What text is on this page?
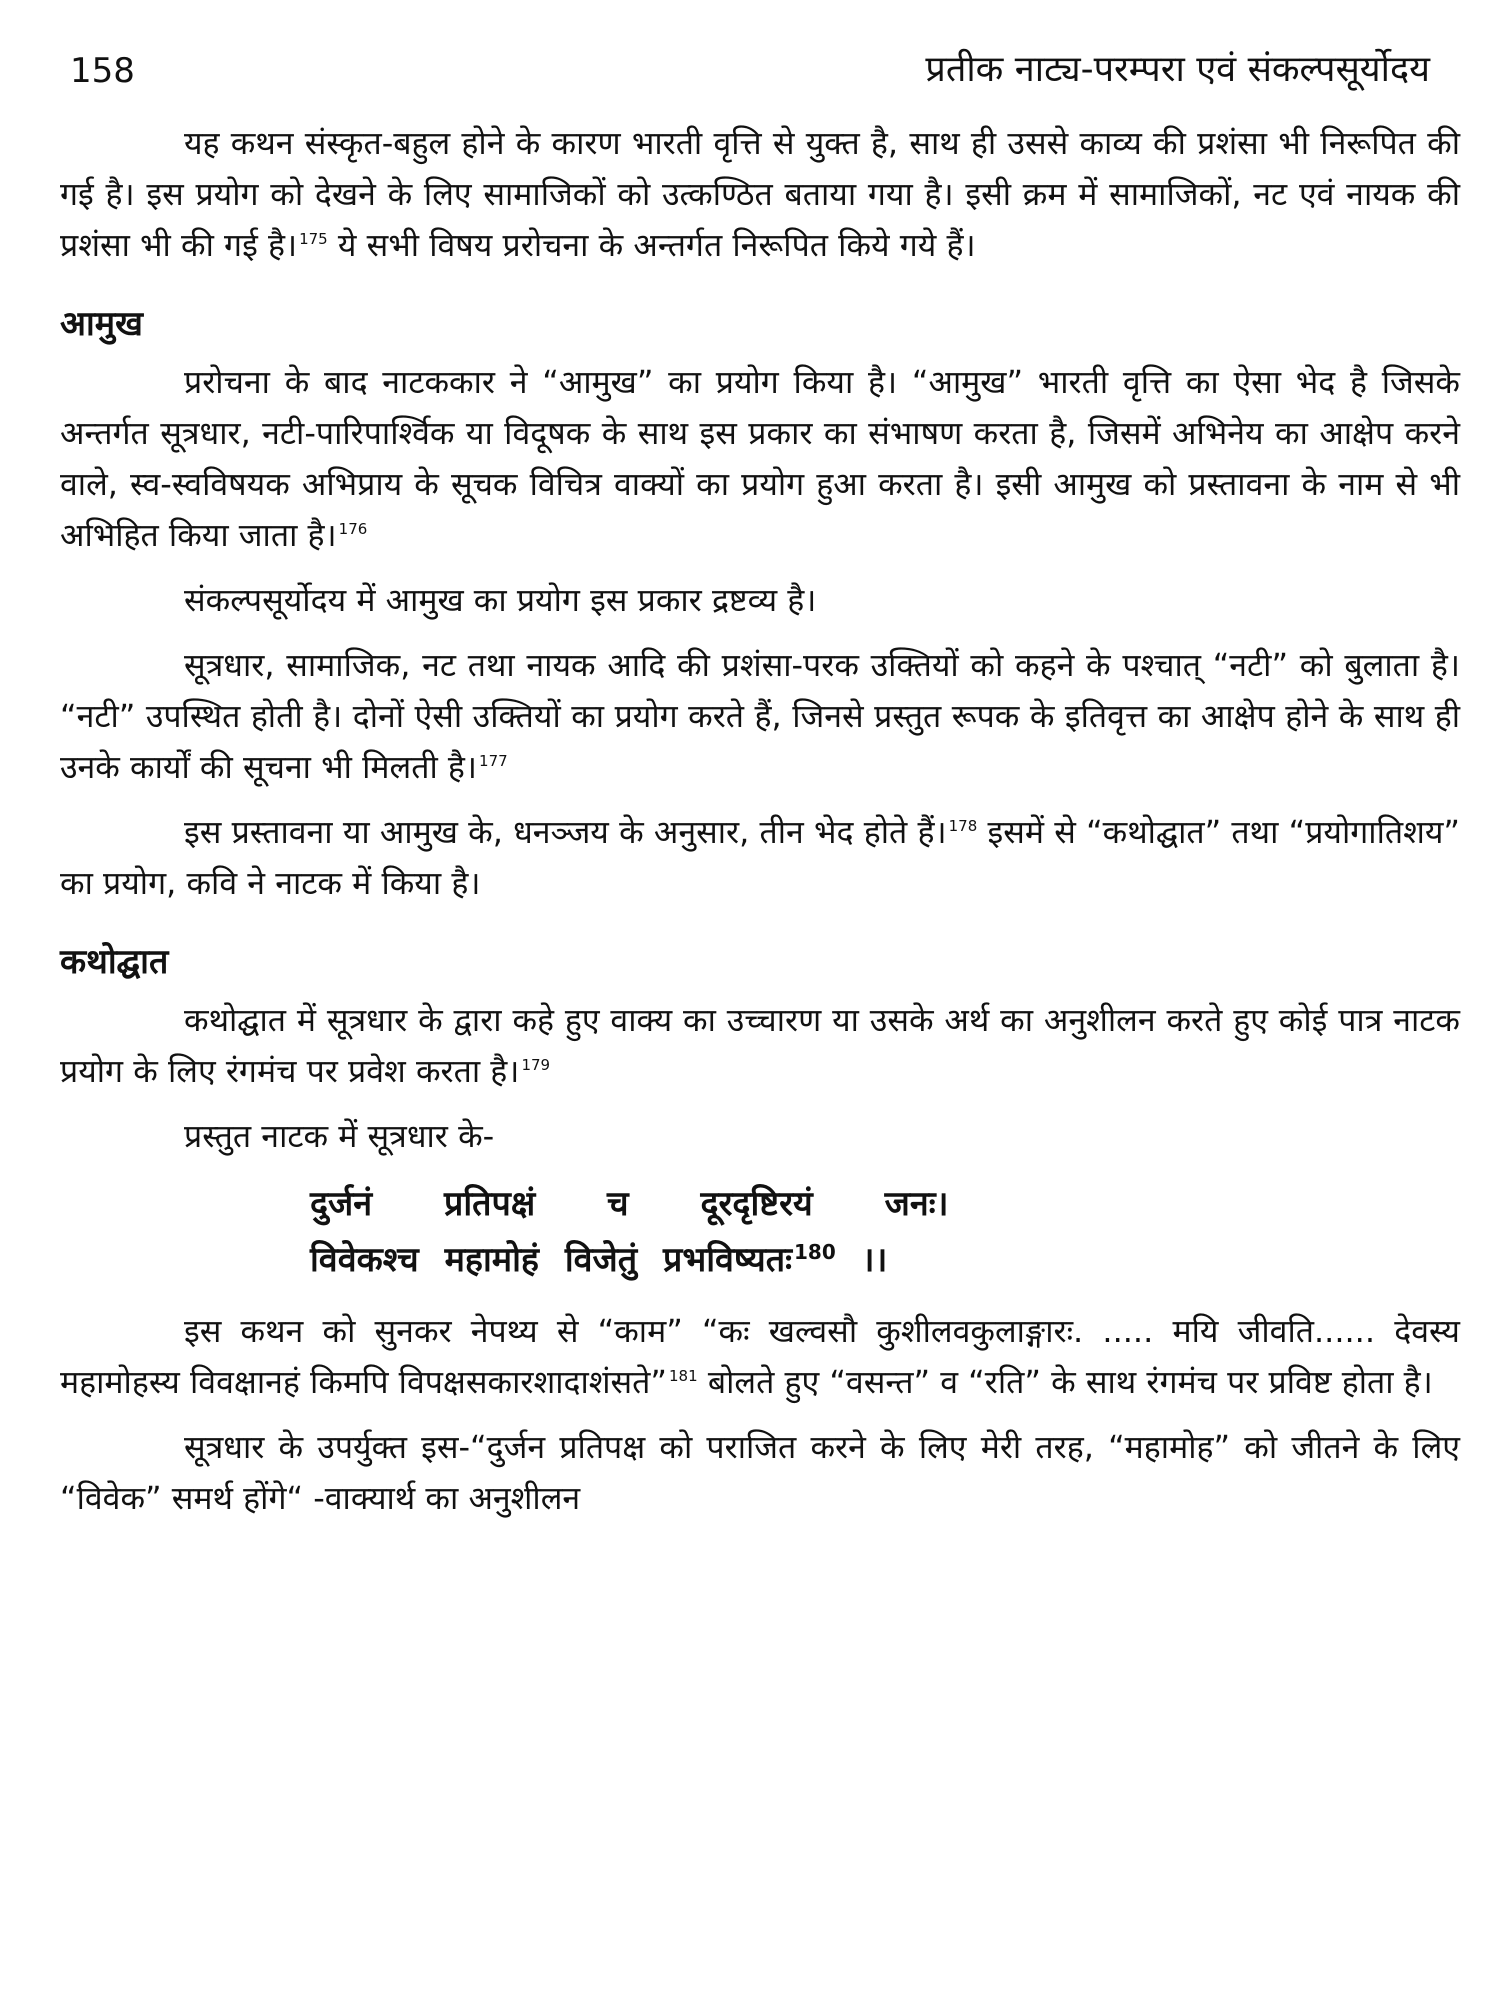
158	प्रतीक नाट्य-परम्परा एवं संकल्पसूर्योदय

यह कथन संस्कृत-बहुल होने के कारण भारती वृत्ति से युक्त है, साथ ही उससे काव्य की प्रशंसा भी निरूपित की गई है। इस प्रयोग को देखने के लिए सामाजिकों को उत्कण्ठित बताया गया है। इसी क्रम में सामाजिकों, नट एवं नायक की प्रशंसा भी की गई है। $^{175}$ ये सभी विषय प्ररोचना के अन्तर्गत निरूपित किये गये हैं।

आमुख

प्ररोचना के बाद नाटककार ने “आमुख” का प्रयोग किया है। “आमुख” भारती वृत्ति का ऐसा भेद है जिसके अन्तर्गत सूत्रधार, नटी-पारिपार्श्विक या विदूषक के साथ इस प्रकार का संभाषण करता है, जिसमें अभिनेय का आक्षेप करने वाले, स्व-स्वविषयक अभिप्राय के सूचक विचित्र वाक्यों का प्रयोग हुआ करता है। इसी आमुख को प्रस्तावना के नाम से भी अभिहित किया जाता है। $^{176}$

संकल्पसूर्योदय में आमुख का प्रयोग इस प्रकार द्रष्टव्य है।

सूत्रधार, सामाजिक, नट तथा नायक आदि की प्रशंसा-परक उक्तियों को कहने के पश्चात् “नटी” को बुलाता है। “नटी” उपस्थित होती है। दोनों ऐसी उक्तियों का प्रयोग करते हैं, जिनसे प्रस्तुत रूपक के इतिवृत्त का आक्षेप होने के साथ ही उनके कार्यों की सूचना भी मिलती है। $^{177}$

इस प्रस्तावना या आमुख के, धनञ्जय के अनुसार, तीन भेद होते हैं। $^{178}$ इसमें से “कथोद्घात” तथा “प्रयोगातिशय” का प्रयोग, कवि ने नाटक में किया है।

कथोद्घात

कथोद्घात में सूत्रधार के द्वारा कहे हुए वाक्य का उच्चारण या उसके अर्थ का अनुशीलन करते हुए कोई पात्र नाटक प्रयोग के लिए रंगमंच पर प्रवेश करता है। $^{179}$

प्रस्तुत नाटक में सूत्रधार के-

दुर्जनं प्रतिपक्षं च दूरदृष्टिरयं जनः।
विवेकश्च महामोहं विजेतुं प्रभविष्यतः $^{180}$ ।।

इस कथन को सुनकर नेपथ्य से “काम” “कः खल्वसौ कुशीलवकुलाङ्गारः. ..... मयि जीवति...... देवस्य महामोहस्य विवक्षानहं किमपि विपक्षसकारशादाशंसते” $^{181}$ बोलते हुए “वसन्त” व “रति” के साथ रंगमंच पर प्रविष्ट होता है।

सूत्रधार के उपर्युक्त इस-“दुर्जन प्रतिपक्ष को पराजित करने के लिए मेरी तरह, “महामोह” को जीतने के लिए “विवेक” समर्थ होंगे“ -वाक्यार्थ का अनुशीलन
